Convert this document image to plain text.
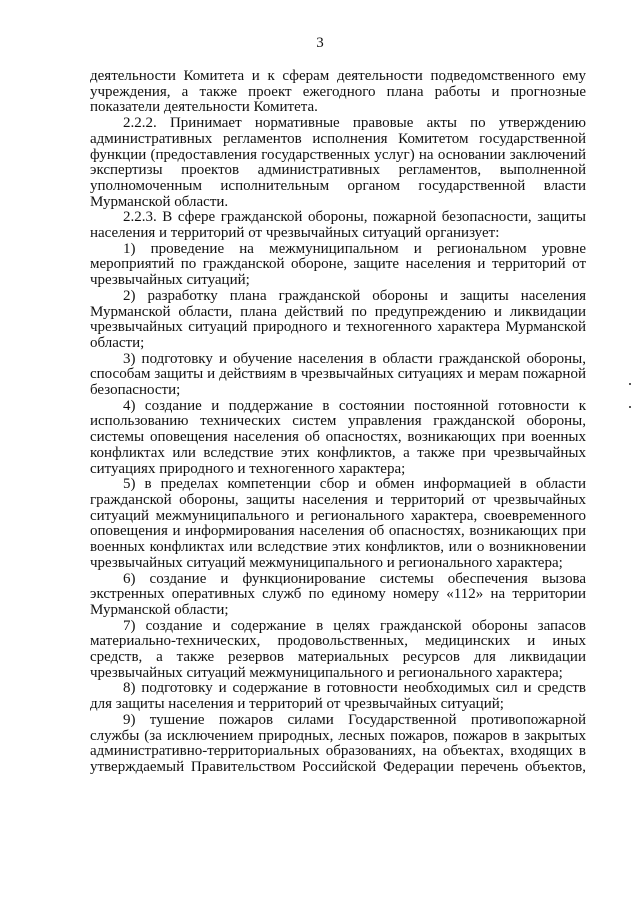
3

деятельности Комитета и к сферам деятельности подведомственного ему учреждения, а также проект ежегодного плана работы и прогнозные показатели деятельности Комитета.

2.2.2. Принимает нормативные правовые акты по утверждению административных регламентов исполнения Комитетом государственной функции (предоставления государственных услуг) на основании заключений экспертизы проектов административных регламентов, выполненной уполномоченным исполнительным органом государственной власти Мурманской области.

2.2.3. В сфере гражданской обороны, пожарной безопасности, защиты населения и территорий от чрезвычайных ситуаций организует:

1) проведение на межмуниципальном и региональном уровне мероприятий по гражданской обороне, защите населения и территорий от чрезвычайных ситуаций;

2) разработку плана гражданской обороны и защиты населения Мурманской области, плана действий по предупреждению и ликвидации чрезвычайных ситуаций природного и техногенного характера Мурманской области;

3) подготовку и обучение населения в области гражданской обороны, способам защиты и действиям в чрезвычайных ситуациях и мерам пожарной безопасности;

4) создание и поддержание в состоянии постоянной готовности к использованию технических систем управления гражданской обороны, системы оповещения населения об опасностях, возникающих при военных конфликтах или вследствие этих конфликтов, а также при чрезвычайных ситуациях природного и техногенного характера;

5) в пределах компетенции сбор и обмен информацией в области гражданской обороны, защиты населения и территорий от чрезвычайных ситуаций межмуниципального и регионального характера, своевременного оповещения и информирования населения об опасностях, возникающих при военных конфликтах или вследствие этих конфликтов, или о возникновении чрезвычайных ситуаций межмуниципального и регионального характера;

6) создание и функционирование системы обеспечения вызова экстренных оперативных служб по единому номеру «112» на территории Мурманской области;

7) создание и содержание в целях гражданской обороны запасов материально-технических, продовольственных, медицинских и иных средств, а также резервов материальных ресурсов для ликвидации чрезвычайных ситуаций межмуниципального и регионального характера;

8) подготовку и содержание в готовности необходимых сил и средств для защиты населения и территорий от чрезвычайных ситуаций;

9) тушение пожаров силами Государственной противопожарной службы (за исключением природных, лесных пожаров, пожаров в закрытых административно-территориальных образованиях, на объектах, входящих в утверждаемый Правительством Российской Федерации перечень объектов,
